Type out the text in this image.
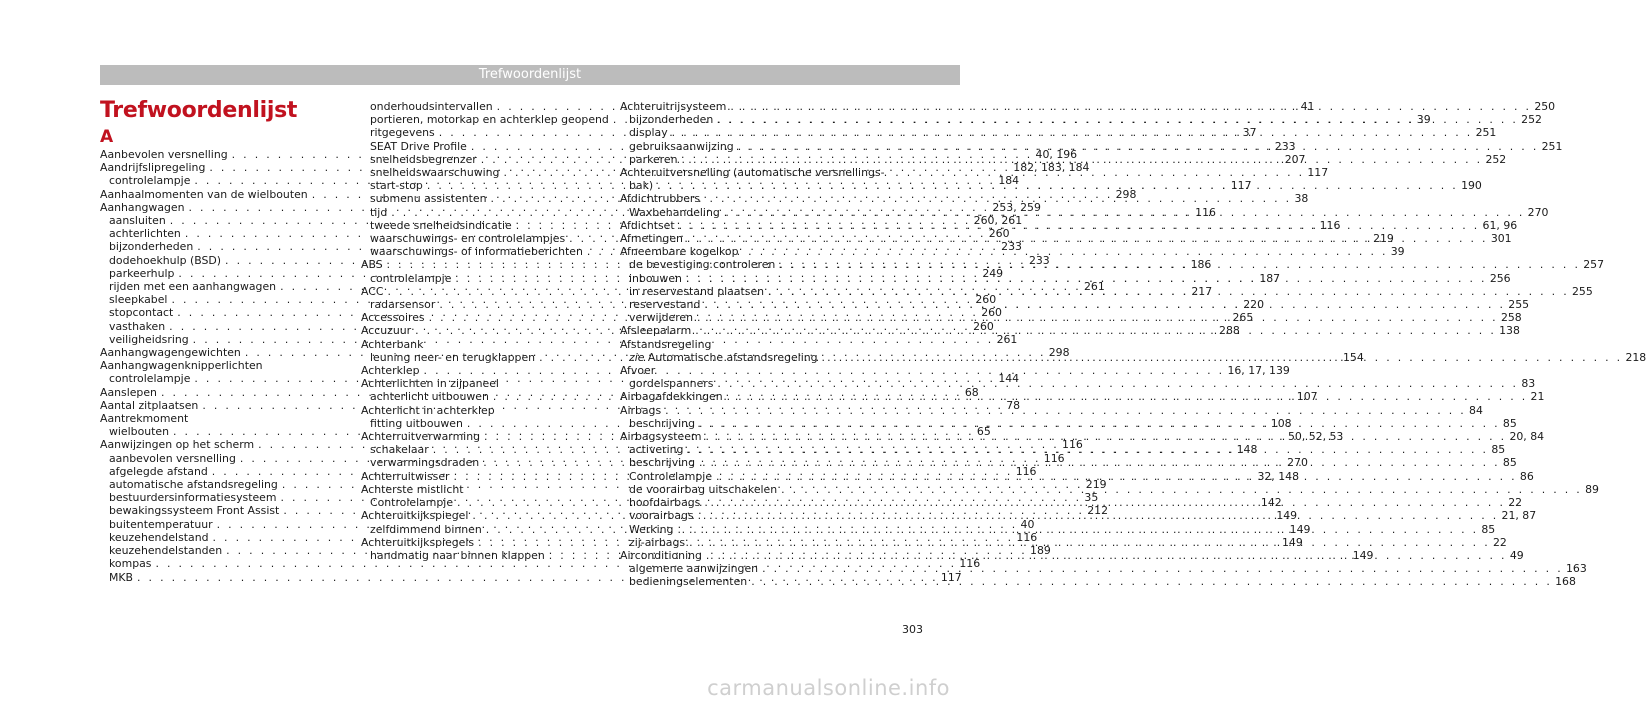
Trefwoordenlijst
Trefwoordenlijst
A
Aanbevolen versnelling . . .	40, 196
Aandrijfslipregeling . . .	182, 183, 184
controlelampje . . .	184
Aanhaalmomenten van de wielbouten . . .	298
Aanhangwagen . . .	253, 259
aansluiten . . .	260, 261
achterlichten . . .	260
bijzonderheden . . .	233
dodehoekhulp (BSD) . . .	233
parkeerhulp . . .	249
rijden met een aanhangwagen . . .	261
sleepkabel . . .	260
stopcontact . . .	260
vasthaken . . .	260
veiligheidsring . . .	261
Aanhangwagengewichten . . .	298
Aanhangwagenknipperlichten
controlelampje . . .	144
Aanslepen . . .	68
Aantal zitplaatsen . . .	78
Aantrekmoment
wielbouten . . .	65
Aanwijzingen op het scherm . . .	116
aanbevolen versnelling . . .	116
afgelegde afstand . . .	116
automatische afstandsregeling . . .	219
bestuurdersinformatiesysteem . . .	35
bewakingssysteem Front Assist . . .	212
buitentemperatuur . . .	40
keuzehendelstand . . .	116
keuzehendelstanden . . .	189
kompas . . .	116
MKB . . .	117
onderhoudsintervallen . . .	41
portieren, motorkap en achterklep geopend . . .	39
ritgegevens . . .	37
SEAT Drive Profile . . .	233
snelheidsbegrenzer . . .	207
snelheidswaarschuwing . . .	117
start-stop . . .	117
submenu assistenten . . .	38
tijd . . .	116
tweede snelheidsindicatie . . .	116
waarschuwings- en controlelampjes . . .	219
waarschuwings- of informatieberichten . . .	39
ABS . . .	186
controlelampje . . .	187
ACC . . .	217
radarsensor . . .	220
Accessoires . . .	265
Accuzuur . . .	288
Achterbank
leuning neer- en terugklappen . . .	154
Achterklep . . .	16, 17, 139
Achterlichten in zijpaneel
achterlicht uitbouwen . . .	107
Achterlicht in achterklep
fitting uitbouwen . . .	108
Achterruitverwarming . . .	50, 52, 53
schakelaar . . .	148
verwarmingsdraden . . .	270
Achterruitwisser . . .	32, 148
Achterste mistlicht
Controlelampje . . .	142
Achteruitkijkspiegel . . .	149
zelfdimmend binnen . . .	149
Achteruitkijkspiegels . . .	149
handmatig naar binnen klappen . . .	149
Achteruitrijsysteem . . .	250
bijzonderheden . . .	252
display . . .	251
gebruiksaanwijzing . . .	251
parkeren . . .	252
Achteruitversnelling (automatische versnellings-
bak) . . .	190
Afdichtrubbers
Waxbehandeling . . .	270
Afdichtset . . .	61, 96
Afmetingen . . .	301
Afneembare kogelkop
de bevestiging controleren . . .	257
inbouwen . . .	256
in reservestand plaatsen . . .	255
reservestand . . .	255
verwijderen . . .	258
Afsleepalarm . . .	138
Afstandsregeling
zie Automatische afstandsregeling . . .	218
Afvoer
gordelspanners . . .	83
Airbagafdekkingen . . .	21
Airbags . . .	84
beschrijving . . .	85
Airbagsysteem . . .	20, 84
activering . . .	85
beschrijving . . .	85
Controlelampje . . .	86
de voorairbag uitschakelen . . .	89
hoofdairbags . . .	22
voorairbags . . .	21, 87
Werking . . .	85
zij-airbags . . .	22
Airconditioning . . .	49
algemene aanwijzingen . . .	163
bedieningselementen . . .	168
303
carmanualsonline.info
